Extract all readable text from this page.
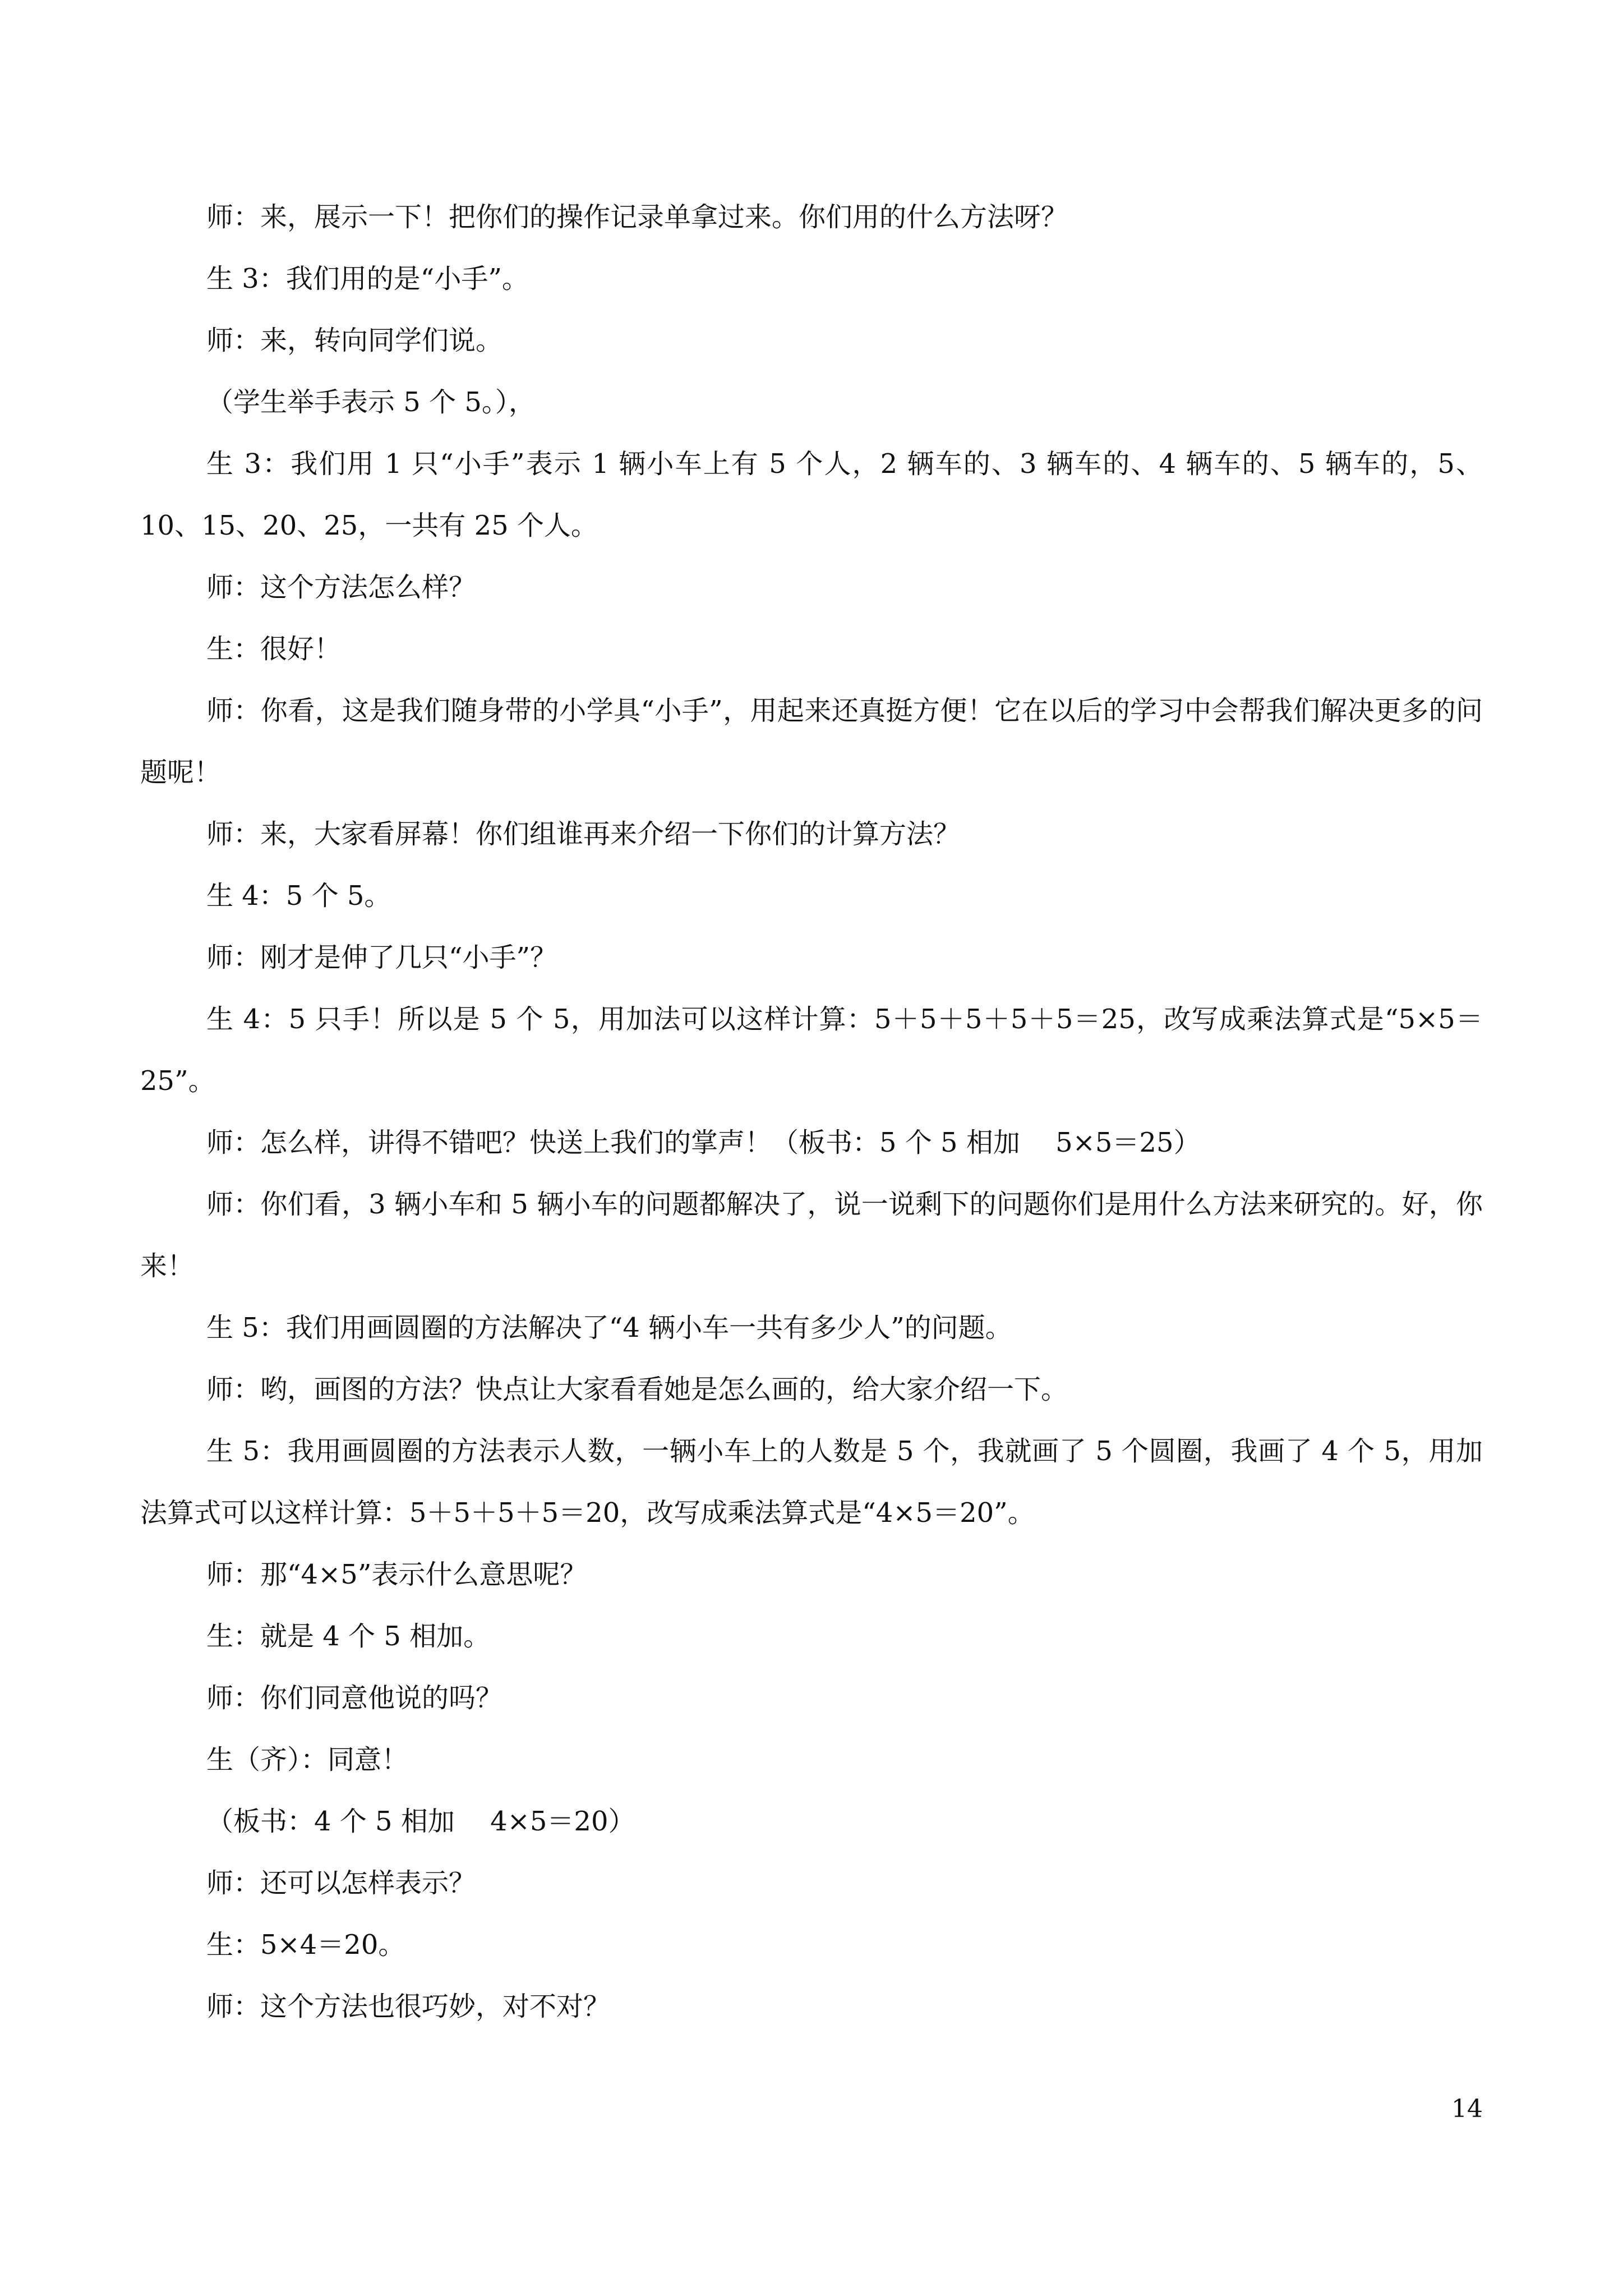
师：来，展示一下！把你们的操作记录单拿过来。你们用的什么方法呀？

生 3：我们用的是“小手”。

师：来，转向同学们说。

（学生举手表示 5 个 5。），

生 3：我们用 1 只“小手”表示 1 辆小车上有 5 个人，2 辆车的、3 辆车的、4 辆车的、5 辆车的，5、10、15、20、25，一共有 25 个人。

师：这个方法怎么样？

生：很好！

师：你看，这是我们随身带的小学具“小手”，用起来还真挺方便！它在以后的学习中会帮我们解决更多的问题呢！

师：来，大家看屏幕！你们组谁再来介绍一下你们的计算方法？

生 4：5 个 5。

师：刚才是伸了几只“小手”？

生 4：5 只手！所以是 5 个 5，用加法可以这样计算：5＋5＋5＋5＋5＝25，改写成乘法算式是“5×5＝25”。

师：怎么样，讲得不错吧？快送上我们的掌声！（板书：5 个 5 相加　 5×5＝25）

师：你们看，3 辆小车和 5 辆小车的问题都解决了，说一说剩下的问题你们是用什么方法来研究的。好，你来！

生 5：我们用画圆圈的方法解决了“4 辆小车一共有多少人”的问题。

师：哟，画图的方法？快点让大家看看她是怎么画的，给大家介绍一下。

生 5：我用画圆圈的方法表示人数，一辆小车上的人数是 5 个，我就画了 5 个圆圈，我画了 4 个 5，用加法算式可以这样计算：5＋5＋5＋5＝20，改写成乘法算式是“4×5＝20”。

师：那“4×5”表示什么意思呢？

生：就是 4 个 5 相加。

师：你们同意他说的吗？

生（齐）：同意！

（板书：4 个 5 相加　 4×5＝20）

师：还可以怎样表示？

生：5×4＝20。

师：这个方法也很巧妙，对不对？

14
